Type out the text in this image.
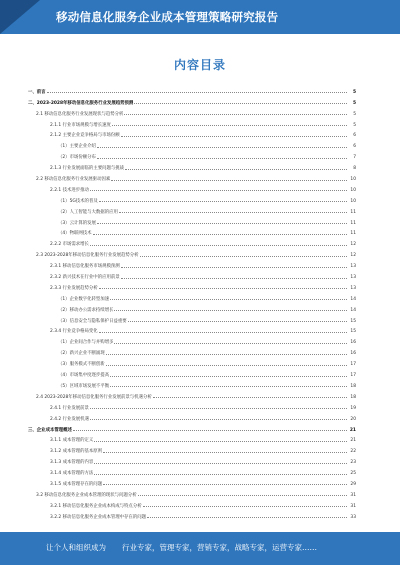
移动信息化服务企业成本管理策略研究报告
内容目录
一、前言	5
二、2023-2028年移动信息化服务行业发展趋势预测	5
2.1 移动信息化服务行业发展现状与趋势分析	5
2.1.1 行业市场规模与增长速度	5
2.1.2 主要企业竞争格局与市场份额	6
（1）主要企业介绍	6
（2）市场份额分布	7
2.1.3 行业发展面临的主要问题与挑战	8
2.2 移动信息化服务行业发展驱动因素	10
2.2.1 技术进步推动	10
（1）5G技术的普及	10
（2）人工智能与大数据的应用	11
（3）云计算的发展	11
（4）物联网技术	11
2.2.2 市场需求增长	12
2.3 2023-2028年移动信息化服务行业发展趋势分析	12
2.3.1 移动信息化服务市场规模预测	13
2.3.2 新兴技术在行业中的应用前景	13
2.3.3 行业发展趋势分析	13
（1）企业数字化转型加速	14
（2）移动办公需求持续增长	14
（3）信息安全与隐私保护日益重要	15
2.3.4 行业竞争格局变化	15
（1）企业间合作与并购增多	16
（2）新兴企业不断涌现	16
（3）服务模式不断创新	17
（4）市场集中度逐步提高	17
（5）区域市场发展不平衡	18
2.4 2023-2028年移动信息化服务行业发展前景与机遇分析	18
2.4.1 行业发展前景	19
2.4.2 行业发展机遇	20
三、企业成本管理概述	21
3.1.1 成本管理的定义	21
3.1.2 成本管理的基本原则	22
3.1.3 成本管理的内容	23
3.1.4 成本管理的方法	25
3.1.5 成本管理存在的问题	29
3.2 移动信息化服务企业成本管理的现状与问题分析	31
3.2.1 移动信息化服务企业成本构成与特点分析	31
3.2.2 移动信息化服务企业成本管理中存在的问题	33
让个人和组织成为 行业专家，管理专家，营销专家，战略专家，运营专家……
